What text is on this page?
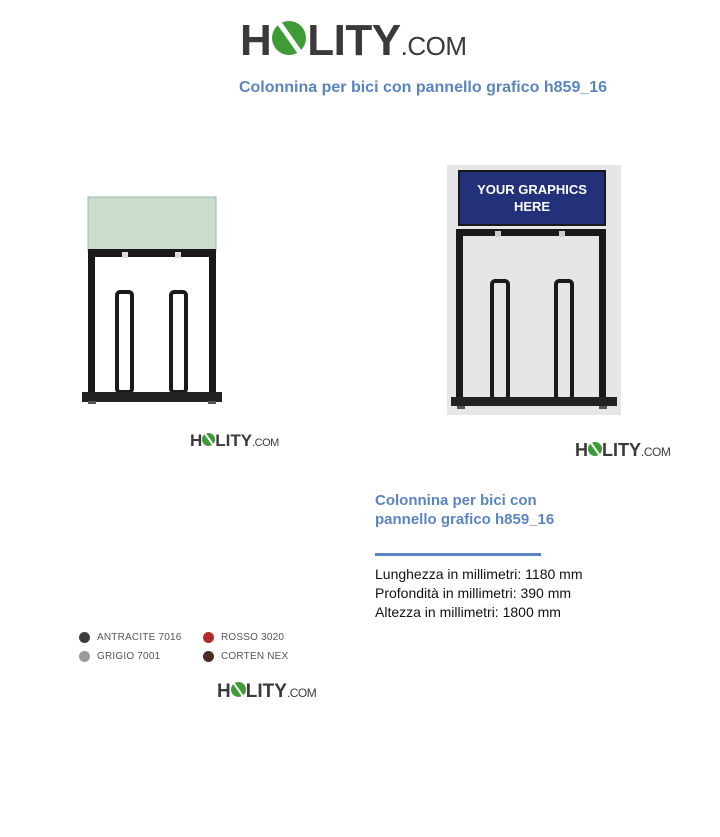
H LITY .COM
Colonnina per bici con pannello grafico h859_16
H LITY .COM
YOUR GRAPHICS HERE
H LITY .COM
Colonnina per bici con pannello grafico h859_16
Lunghezza in millimetri: 1180 mm
Profondità in millimetri: 390 mm
Altezza in millimetri: 1800 mm
ANTRACITE 7016	ROSSO 3020
GRIGIO 7001	CORTEN NEX
H LITY .COM
